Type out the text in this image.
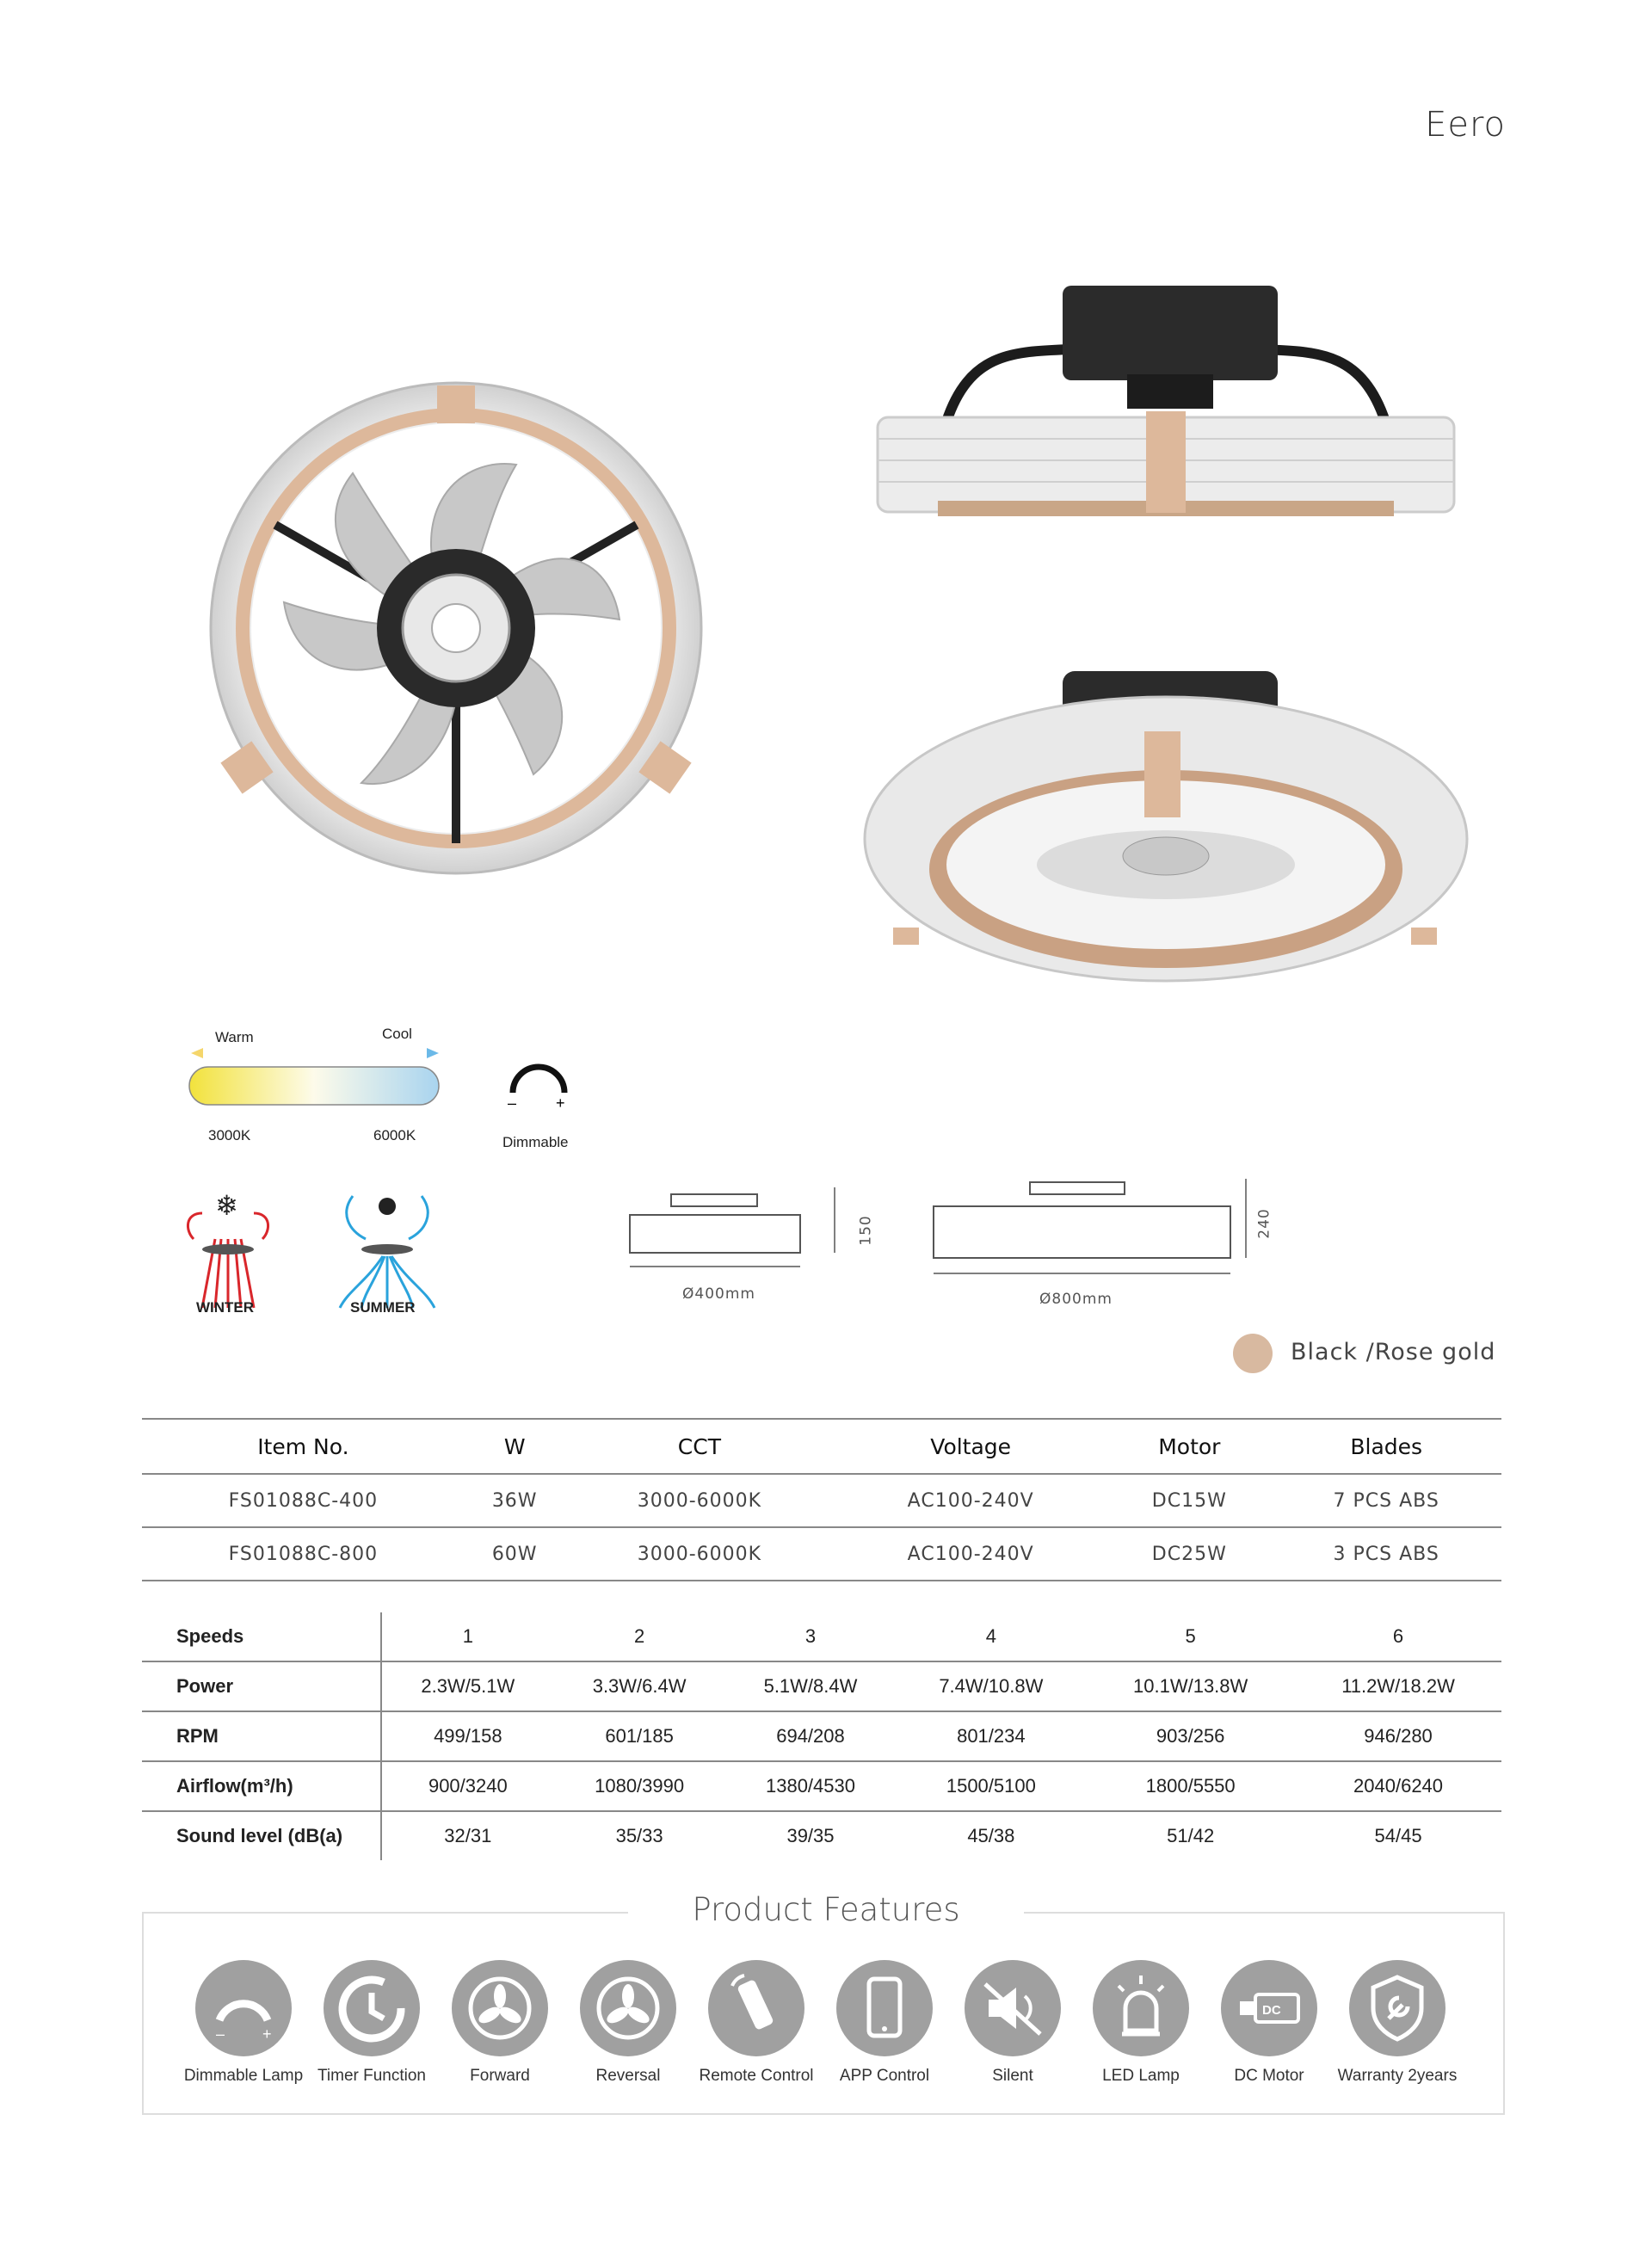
Eero
Warm	Cool
3000K	6000K
–	+
Dimmable
❄
WINTER	SUMMER
Ø400mm
150
Ø800mm
240
Black /Rose gold
Item No.	W	CCT	Voltage	Motor	Blades
FS01088C-400	36W	3000-6000K	AC100-240V	DC15W	7 PCS ABS
FS01088C-800	60W	3000-6000K	AC100-240V	DC25W	3 PCS ABS
Speeds	1	2	3	4	5	6
Power	2.3W/5.1W	3.3W/6.4W	5.1W/8.4W	7.4W/10.8W	10.1W/13.8W	11.2W/18.2W
RPM	499/158	601/185	694/208	801/234	903/256	946/280
Airflow(m³/h)	900/3240	1080/3990	1380/4530	1500/5100	1800/5550	2040/6240
Sound level (dB(a)	32/31	35/33	39/35	45/38	51/42	54/45
Product Features
– +
Dimmable Lamp Timer Function	Forward	Reversal	Remote Control	APP Control	Silent	LED Lamp
DC
DC Motor	Warranty 2years
